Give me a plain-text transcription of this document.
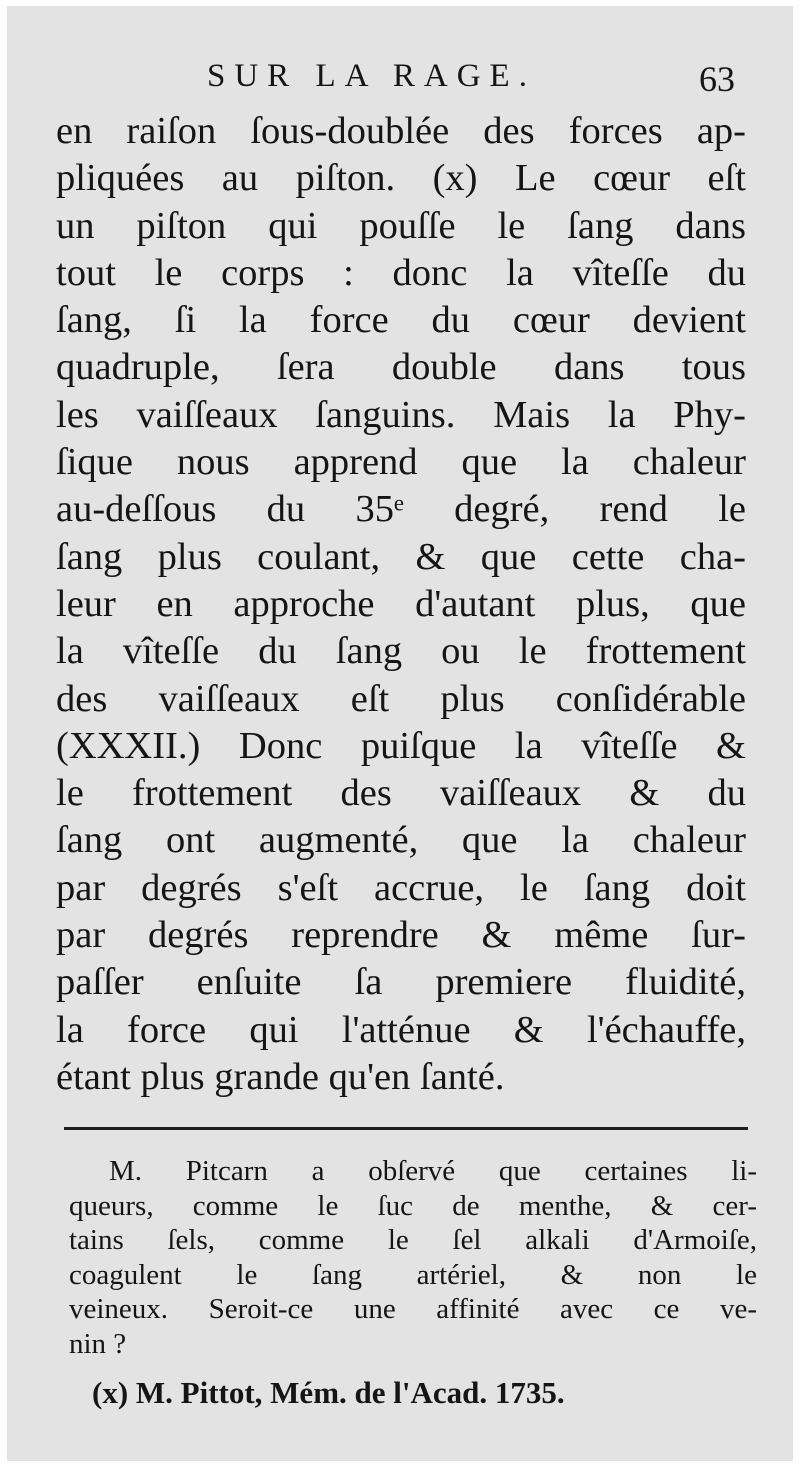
SUR LA RAGE.	63
en raiſon ſous-doublée des forces ap-
pliquées au piſton. (x) Le cœur eſt
un piſton qui pouſſe le ſang dans
tout le corps : donc la vîteſſe du
ſang, ſi la force du cœur devient
quadruple, ſera double dans tous
les vaiſſeaux ſanguins. Mais la Phy-
ſique nous apprend que la chaleur
au-deſſous du 35ᵉ degré, rend le
ſang plus coulant, & que cette cha-
leur en approche d'autant plus, que
la vîteſſe du ſang ou le frottement
des vaiſſeaux eſt plus conſidérable
(XXXII.) Donc puiſque la vîteſſe &
le frottement des vaiſſeaux & du
ſang ont augmenté, que la chaleur
par degrés s'eſt accrue, le ſang doit
par degrés reprendre & même ſur-
paſſer enſuite ſa premiere fluidité,
la force qui l'atténue & l'échauffe,
étant plus grande qu'en ſanté.
M. Pitcarn a obſervé que certaines li-
queurs, comme le ſuc de menthe, & cer-
tains ſels, comme le ſel alkali d'Armoiſe,
coagulent le ſang artériel, & non le
veineux. Seroit-ce une affinité avec ce ve-
nin ?
(x) M. Pittot, Mém. de l'Acad. 1735.
